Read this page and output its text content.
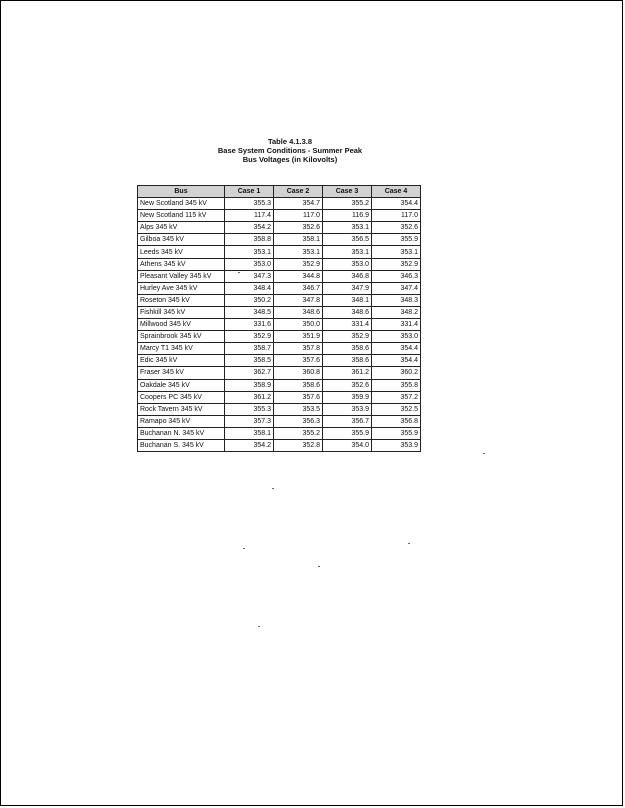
Table 4.1.3.8
Base System Conditions - Summer Peak
Bus Voltages (in Kilovolts)
Bus	Case 1	Case 2	Case 3	Case 4
New Scotland 345 kV	355.3	354.7	355.2	354.4
New Scotland 115 kV	117.4	117.0	116.9	117.0
Alps 345 kV	354.2	352.6	353.1	352.6
Gilboa 345 kV	358.8	358.1	356.5	355.9
Leeds 345 kV	353.1	353.1	353.1	353.1
Athens 345 kV	353.0	352.9	353.0	352.9
Pleasant Valley 345 kV	347.3	344.8	346.8	346.3
Hurley Ave 345 kV	348.4	346.7	347.9	347.4
Roseton 345 kV	350.2	347.8	348.1	348.3
Fishkill 345 kV	348.5	348.6	348.6	348.2
Millwood 345 kV	331.6	350.0	331.4	331.4
Sprainbrook 345 kV	352.9	351.9	352.9	353.0
Marcy T1 345 kV	358.7	357.8	358.6	354.4
Edic 345 kV	358.5	357.6	358.6	354.4
Fraser 345 kV	362.7	360.8	361.2	360.2
Oakdale 345 kV	358.9	358.6	352.6	355.8
Coopers PC 345 kV	361.2	357.6	359.9	357.2
Rock Tavern 345 kV	355.3	353.5	353.9	352.5
Ramapo 345 kV	357.3	356.3	356.7	356.8
Buchanan N. 345 kV	358.1	355.2	355.9	355.9
Buchanan S. 345 kV	354.2	352.8	354.0	353.9
